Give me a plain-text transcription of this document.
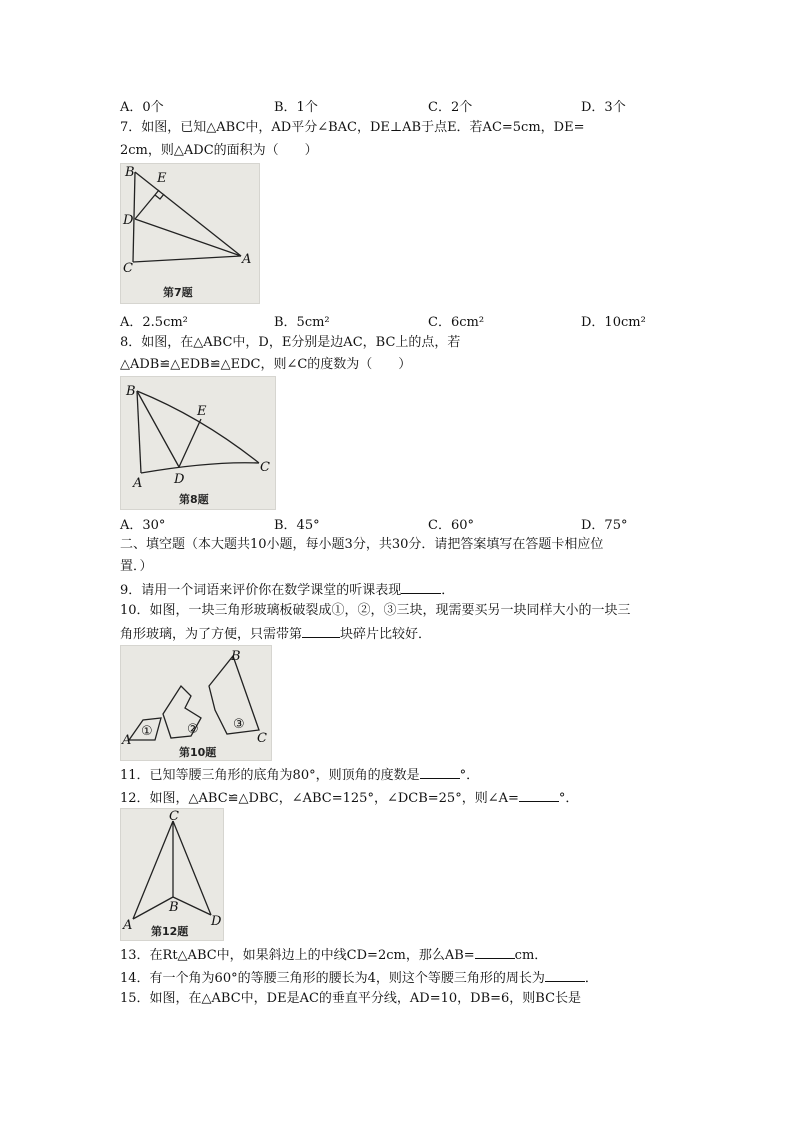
A．0个	B．1个	C．2个	D．3个
7．如图，已知△ABC中，AD平分∠BAC，DE⊥AB于点E．若AC=5cm，DE=
2cm，则△ADC的面积为（　　）
B E
D
C
A
第7题
A．2.5cm²	B．5cm²	C．6cm²	D．10cm²
8．如图，在△ABC中，D，E分别是边AC，BC上的点，若
△ADB≌△EDB≌△EDC，则∠C的度数为（　　）
B
E
A D
C
第8题
A．30°	B．45°	C．60°	D．75°
二、填空题（本大题共10小题，每小题3分，共30分．请把答案填写在答题卡相应位
置．）
9．请用一个词语来评价你在数学课堂的听课表现	．
10．如图，一块三角形玻璃板破裂成①，②，③三块，现需要买另一块同样大小的一块三
角形玻璃，为了方便，只需带第	块碎片比较好．
①	②	③
A
B
C
第10题
11．已知等腰三角形的底角为80°，则顶角的度数是	°．
12．如图，△ABC≌△DBC，∠ABC=125°，∠DCB=25°，则∠A=	°．
C
B
A	D
第12题
13．在Rt△ABC中，如果斜边上的中线CD=2cm，那么AB=	cm．
14．有一个角为60°的等腰三角形的腰长为4，则这个等腰三角形的周长为	．
15．如图，在△ABC中，DE是AC的垂直平分线，AD=10，DB=6，则BC长是
